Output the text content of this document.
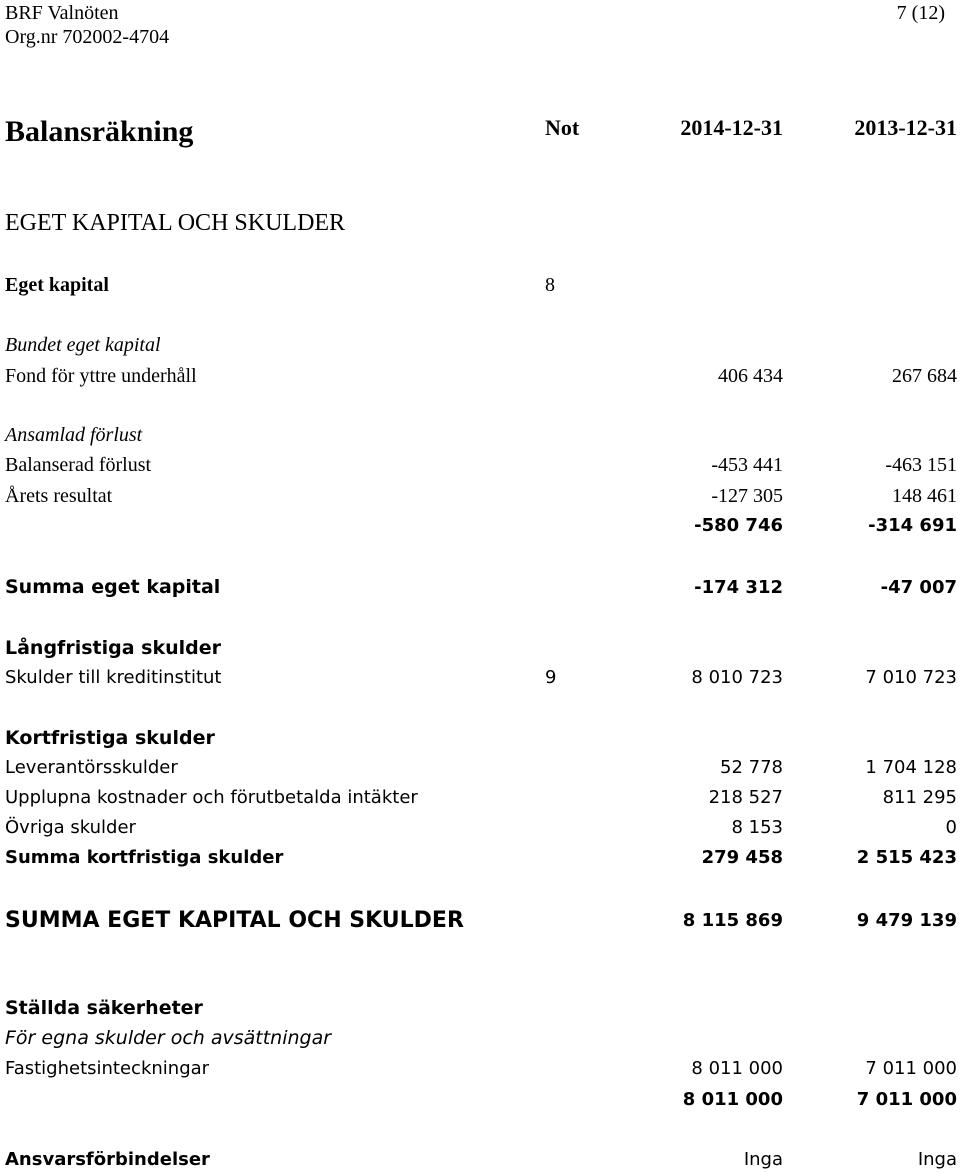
BRF Valnöten
Org.nr 702002-4704
7 (12)
Balansräkning	Not	2014-12-31	2013-12-31
EGET KAPITAL OCH SKULDER
Eget kapital	8
Bundet eget kapital
Fond för yttre underhåll	406 434	267 684
Ansamlad förlust
Balanserad förlust	-453 441	-463 151
Årets resultat	-127 305	148 461
-580 746	-314 691
Summa eget kapital	-174 312	-47 007
Långfristiga skulder
Skulder till kreditinstitut	9	8 010 723	7 010 723
Kortfristiga skulder
Leverantörsskulder	52 778	1 704 128
Upplupna kostnader och förutbetalda intäkter	218 527	811 295
Övriga skulder	8 153	0
Summa kortfristiga skulder	279 458	2 515 423
SUMMA EGET KAPITAL OCH SKULDER	8 115 869	9 479 139
Ställda säkerheter
För egna skulder och avsättningar
Fastighetsinteckningar	8 011 000	7 011 000
8 011 000	7 011 000
Ansvarsförbindelser	Inga	Inga
